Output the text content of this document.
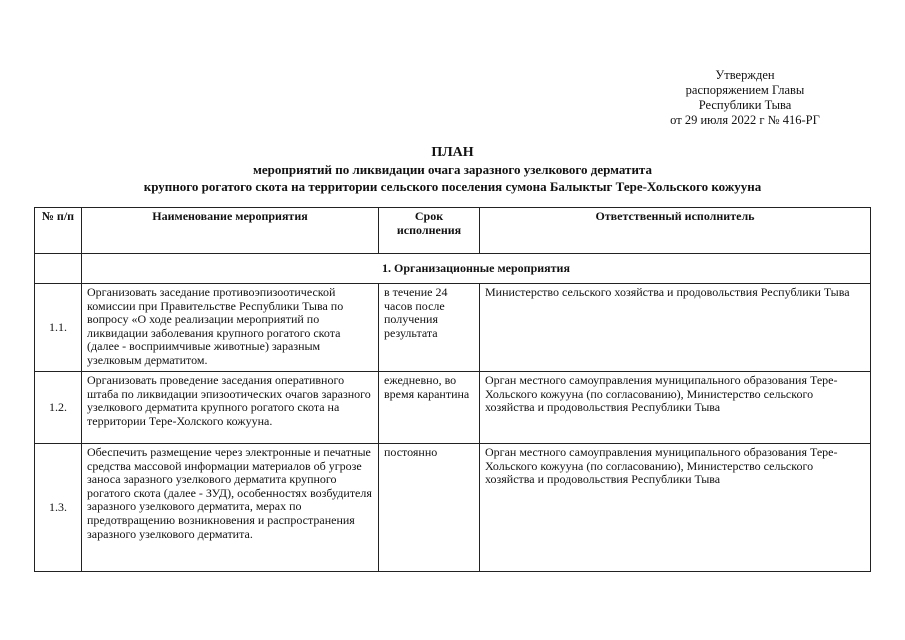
Утвержден
распоряжением Главы
Республики Тыва
от 29 июля 2022 г № 416-РГ
ПЛАН
мероприятий по ликвидации очага заразного узелкового дерматита
крупного рогатого скота на территории сельского поселения сумона Балыктыг Тере-Хольского кожууна
№ п/п	Наименование мероприятия	Срок исполнения	Ответственный исполнитель
	1. Организационные мероприятия		
1.1.	Организовать заседание противоэпизоотической комиссии при Правительстве Республики Тыва по вопросу «О ходе реализации мероприятий по ликвидации заболевания крупного рогатого скота (далее - восприимчивые животные) заразным узелковым дерматитом.	в течение 24 часов после получения результата	Министерство сельского хозяйства и продовольствия Республики Тыва
1.2.	Организовать проведение заседания оперативного штаба по ликвидации эпизоотических очагов заразного узелкового дерматита крупного рогатого скота на территории Тере-Холского кожууна.	ежедневно, во время карантина	Орган местного самоуправления муниципального образования Тере-Хольского кожууна (по согласованию), Министерство сельского хозяйства и продовольствия Республики Тыва
1.3.	Обеспечить размещение через электронные и печатные средства массовой информации материалов об угрозе заноса заразного узелкового дерматита крупного рогатого скота (далее - ЗУД), особенностях возбудителя заразного узелкового дерматита, мерах по предотвращению возникновения и распространения заразного узелкового дерматита.	постоянно	Орган местного самоуправления муниципального образования Тере-Хольского кожууна (по согласованию), Министерство сельского хозяйства и продовольствия Республики Тыва
